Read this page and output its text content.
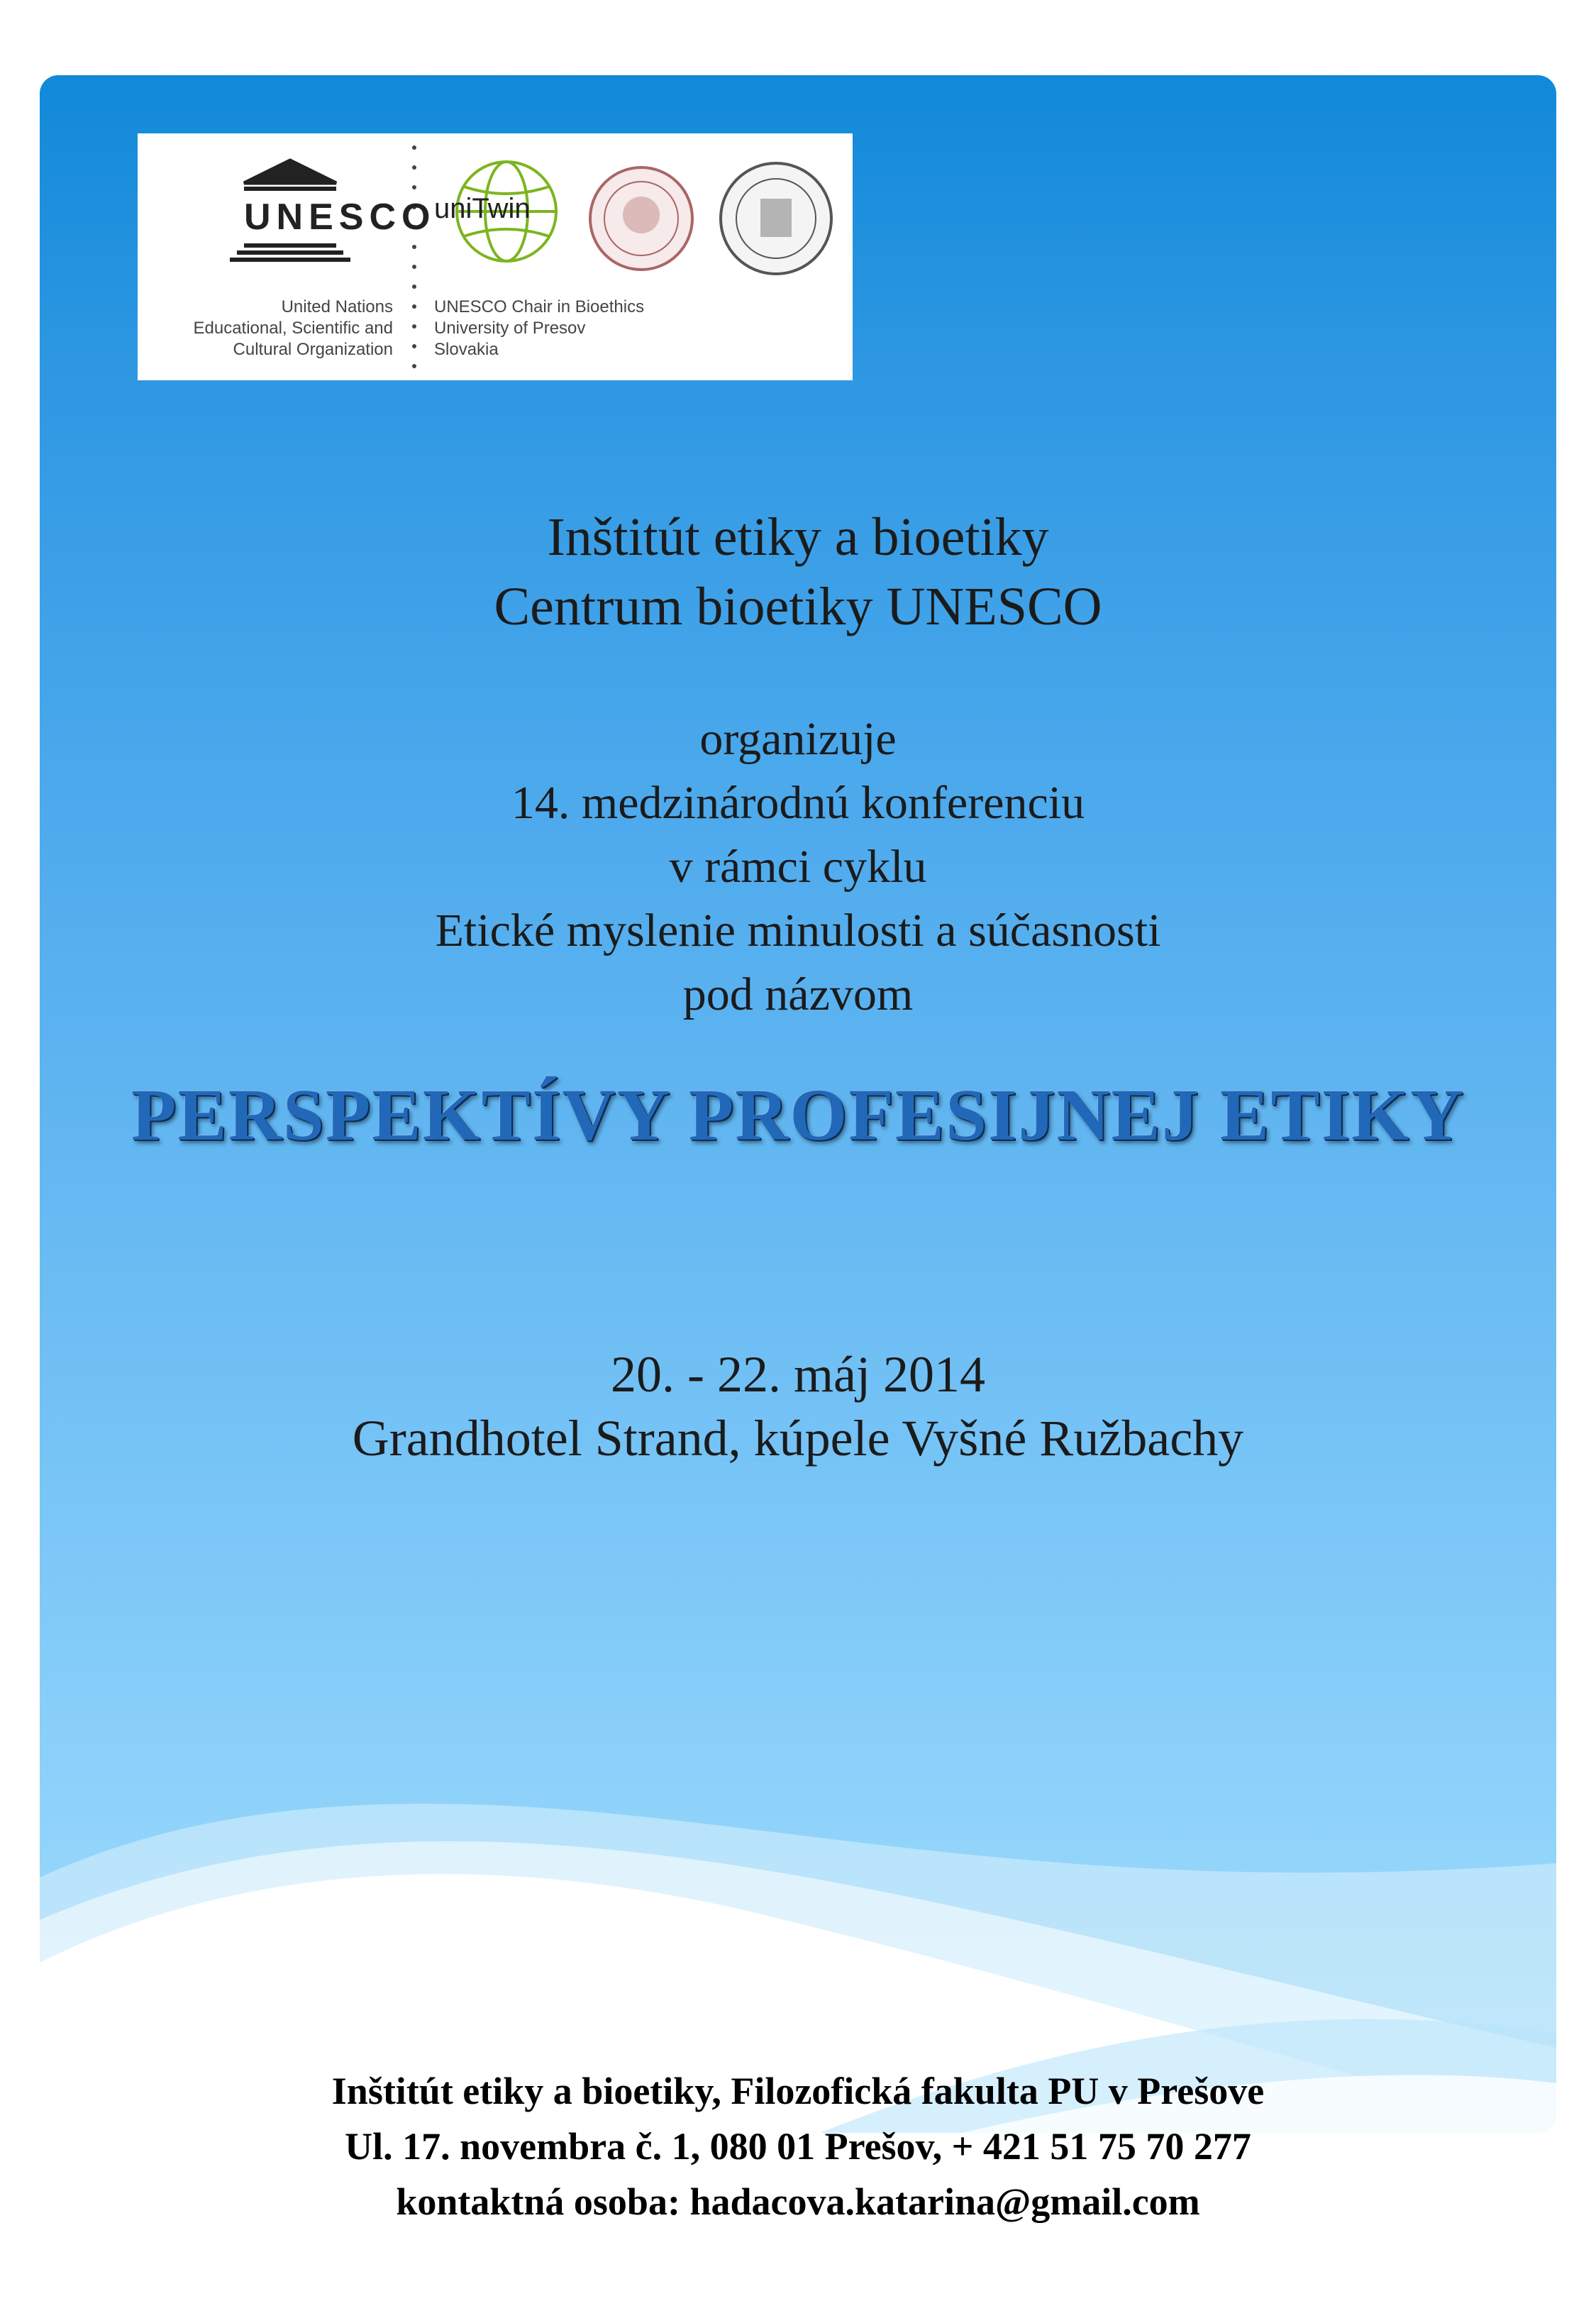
UNESCO
United Nations
Educational, Scientific and
Cultural Organization
uniTwin
UNESCO Chair in Bioethics
University of Presov
Slovakia
Inštitút etiky a bioetiky
Centrum bioetiky UNESCO
organizuje
14. medzinárodnú konferenciu
v rámci cyklu
Etické myslenie minulosti a súčasnosti
pod názvom
PERSPEKTÍVY PROFESIJNEJ ETIKY
20. - 22. máj 2014
Grandhotel Strand, kúpele Vyšné Ružbachy
Inštitút etiky a bioetiky, Filozofická fakulta PU v Prešove
Ul. 17. novembra č. 1, 080 01 Prešov, + 421 51 75 70 277
kontaktná osoba: hadacova.katarina@gmail.com
